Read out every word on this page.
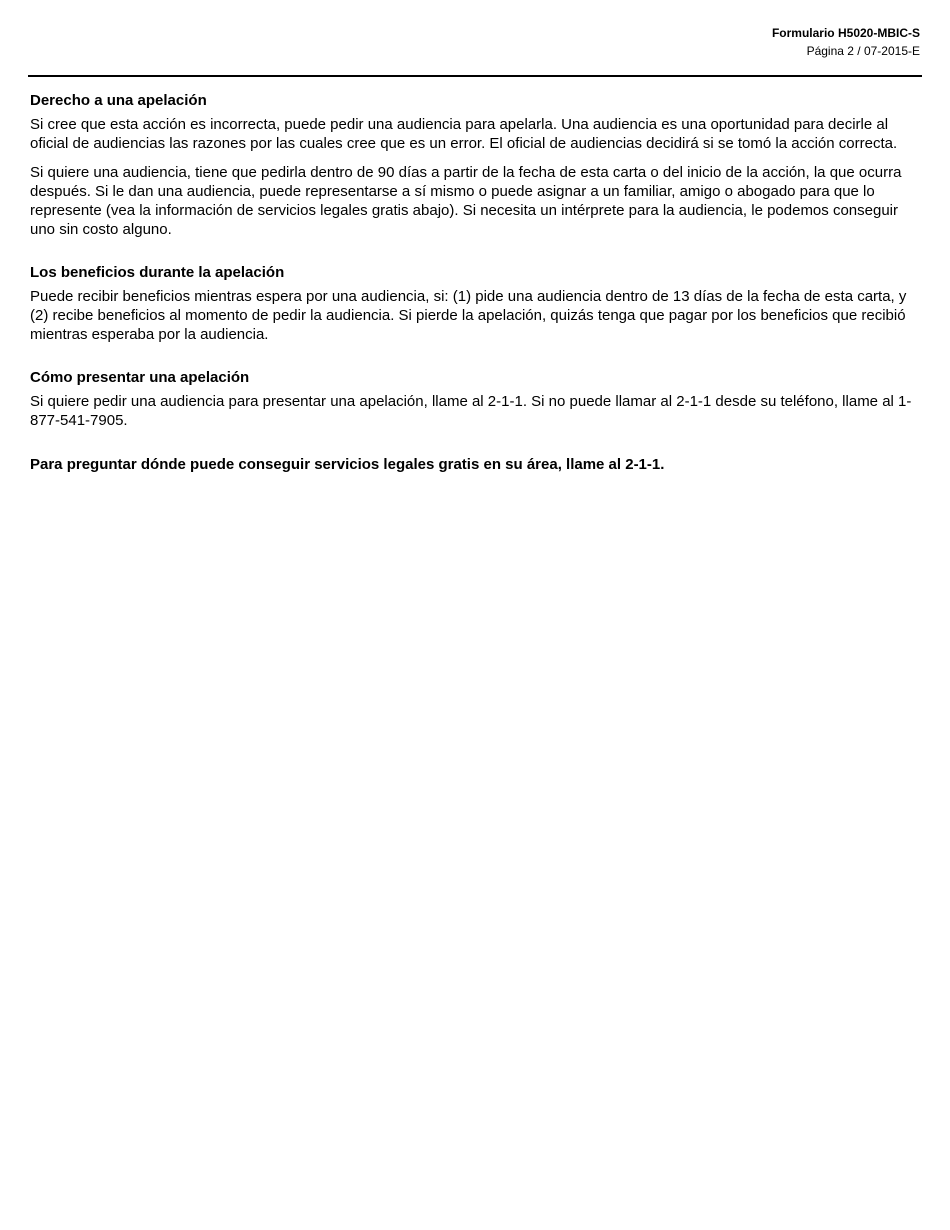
Formulario H5020-MBIC-S
Página 2 / 07-2015-E
Derecho a una apelación

Si cree que esta acción es incorrecta, puede pedir una audiencia para apelarla. Una audiencia es una oportunidad para decirle al oficial de audiencias las razones por las cuales cree que es un error. El oficial de audiencias decidirá si se tomó la acción correcta.

Si quiere una audiencia, tiene que pedirla dentro de 90 días a partir de la fecha de esta carta o del inicio de la acción, la que ocurra después. Si le dan una audiencia, puede representarse a sí mismo o puede asignar a un familiar, amigo o abogado para que lo represente (vea la información de servicios legales gratis abajo). Si necesita un intérprete para la audiencia, le podemos conseguir uno sin costo alguno.

Los beneficios durante la apelación

Puede recibir beneficios mientras espera por una audiencia, si: (1) pide una audiencia dentro de 13 días de la fecha de esta carta, y (2) recibe beneficios al momento de pedir la audiencia. Si pierde la apelación, quizás tenga que pagar por los beneficios que recibió mientras esperaba por la audiencia.

Cómo presentar una apelación

Si quiere pedir una audiencia para presentar una apelación, llame al 2-1-1. Si no puede llamar al 2-1-1 desde su teléfono, llame al 1-877-541-7905.

Para preguntar dónde puede conseguir servicios legales gratis en su área, llame al 2-1-1.
